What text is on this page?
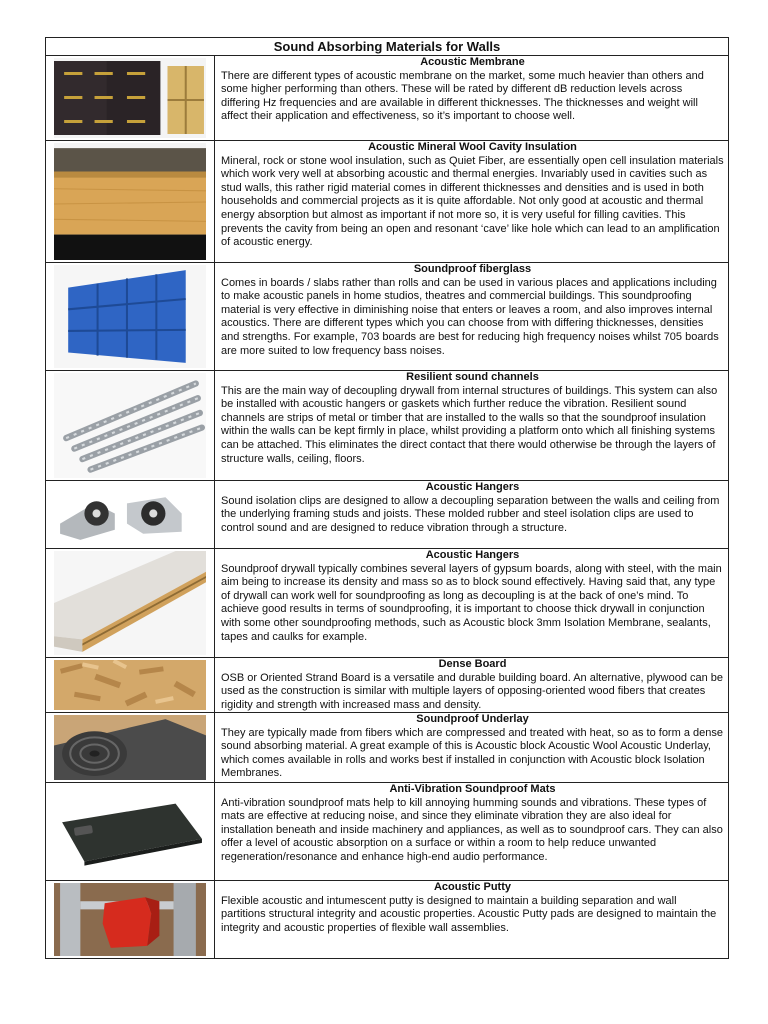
Sound Absorbing Materials for Walls
Acoustic Membrane
There are different types of acoustic membrane on the market, some much heavier than others and some higher performing than others. These will be rated by different dB reduction levels across differing Hz frequencies and are available in different thicknesses. The thicknesses and weight will affect their application and effectiveness, so it’s important to choose well.
Acoustic Mineral Wool Cavity Insulation
Mineral, rock or stone wool insulation, such as Quiet Fiber, are essentially open cell insulation materials which work very well at absorbing acoustic and thermal energies. Invariably used in cavities such as stud walls, this rather rigid material comes in different thicknesses and densities and is used in both households and commercial projects as it is quite affordable. Not only good at acoustic and thermal energy absorption but almost as important if not more so, it is very useful for filling cavities. This prevents the cavity from being an open and resonant ‘cave’ like hole which can lead to an amplification of acoustic energy.
Soundproof fiberglass
Comes in boards / slabs rather than rolls and can be used in various places and applications including to make acoustic panels in home studios, theatres and commercial buildings. This soundproofing material is very effective in diminishing noise that enters or leaves a room, and also improves internal acoustics. There are different types which you can choose from with differing thicknesses, densities and strengths. For example, 703 boards are best for reducing high frequency noises whilst 705 boards are more suited to low frequency bass noises.
Resilient sound channels
This are the main way of decoupling drywall from internal structures of buildings. This system can also be installed with acoustic hangers or gaskets which further reduce the vibration. Resilient sound channels are strips of metal or timber that are installed to the walls so that the soundproof insulation within the walls can be kept firmly in place, whilst providing a platform onto which all finishing systems can be attached. This eliminates the direct contact that there would otherwise be through the layers of structure walls, ceiling, floors.
Acoustic Hangers
Sound isolation clips are designed to allow a decoupling separation between the walls and ceiling from the underlying framing studs and joists. These molded rubber and steel isolation clips are used to control sound and are designed to reduce vibration through a structure.
Acoustic Hangers
Soundproof drywall typically combines several layers of gypsum boards, along with steel, with the main aim being to increase its density and mass so as to block sound effectively. Having said that, any type of drywall can work well for soundproofing as long as decoupling is at the back of one’s mind. To achieve good results in terms of soundproofing, it is important to choose thick drywall in conjunction with some other soundproofing methods, such as Acoustic block 3mm Isolation Membrane, sealants, tapes and caulks for example.
Dense Board
OSB or Oriented Strand Board is a versatile and durable building board. An alternative, plywood can be used as the construction is similar with multiple layers of opposing-oriented wood fibers that creates rigidity and strength with increased mass and density.
Soundproof Underlay
They are typically made from fibers which are compressed and treated with heat, so as to form a dense sound absorbing material. A great example of this is Acoustic block Acoustic Wool Acoustic Underlay, which comes available in rolls and works best if installed in conjunction with Acoustic block Isolation Membranes.
Anti-Vibration Soundproof Mats
Anti-vibration soundproof mats help to kill annoying humming sounds and vibrations. These types of mats are effective at reducing noise, and since they eliminate vibration they are also ideal for installation beneath and inside machinery and appliances, as well as to soundproof cars. They can also offer a level of acoustic absorption on a surface or within a room to help reduce unwanted regeneration/resonance and enhance high-end audio performance.
Acoustic Putty
Flexible acoustic and intumescent putty is designed to maintain a building separation and wall partitions structural integrity and acoustic properties. Acoustic Putty pads are designed to maintain the integrity and acoustic properties of flexible wall assemblies.
